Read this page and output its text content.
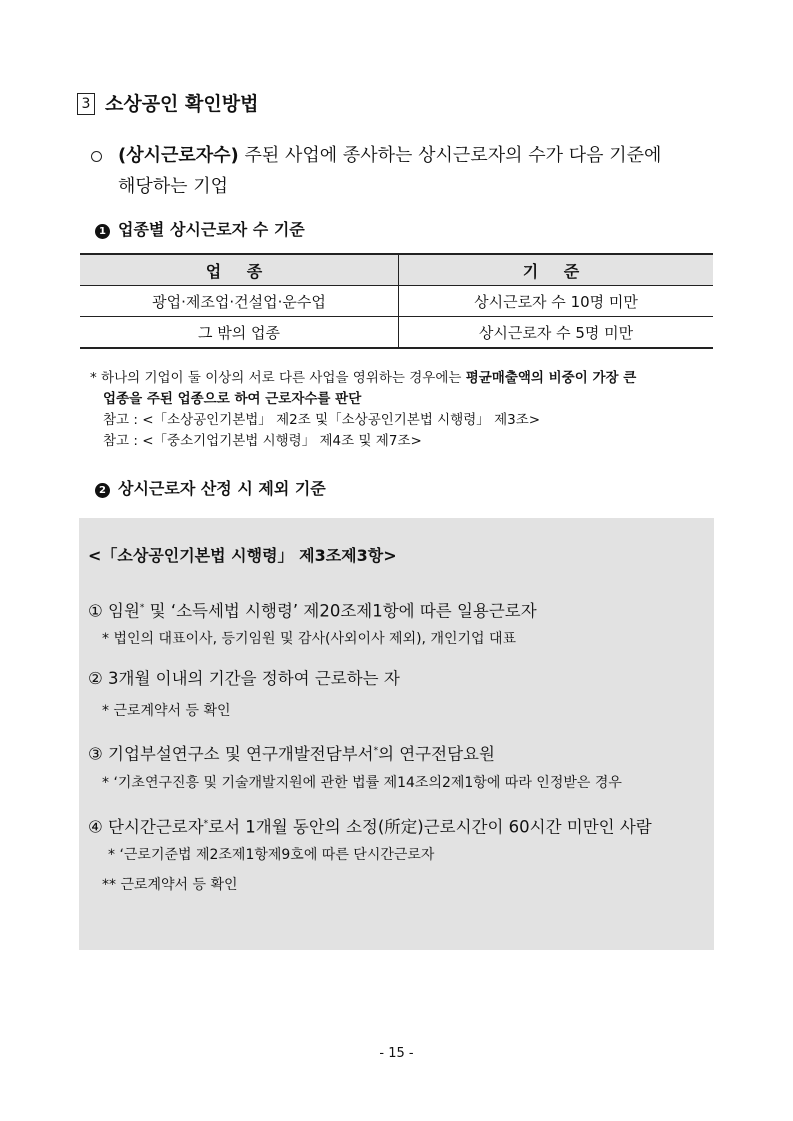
3 소상공인 확인방법
(상시근로자수) 주된 사업에 종사하는 상시근로자의 수가 다음 기준에
해당하는 기업
1 업종별 상시근로자 수 기준
업 종	기 준
광업·제조업·건설업·운수업	상시근로자 수 10명 미만
그 밖의 업종	상시근로자 수 5명 미만
* 하나의 기업이 둘 이상의 서로 다른 사업을 영위하는 경우에는 평균매출액의 비중이 가장 큰
업종을 주된 업종으로 하여 근로자수를 판단
참고 : <「소상공인기본법」 제2조 및「소상공인기본법 시행령」 제3조>
참고 : <「중소기업기본법 시행령」 제4조 및 제7조>
2 상시근로자 산정 시 제외 기준
<「소상공인기본법 시행령」 제3조제3항>
① 임원* 및 ‘소득세법 시행령’ 제20조제1항에 따른 일용근로자
* 법인의 대표이사, 등기임원 및 감사(사외이사 제외), 개인기업 대표
② 3개월 이내의 기간을 정하여 근로하는 자
* 근로계약서 등 확인
③ 기업부설연구소 및 연구개발전담부서*의 연구전담요원
* ‘기초연구진흥 및 기술개발지원에 관한 법률 제14조의2제1항에 따라 인정받은 경우
④ 단시간근로자*로서 1개월 동안의 소정(所定)근로시간이 60시간 미만인 사람
* ‘근로기준법 제2조제1항제9호에 따른 단시간근로자
** 근로계약서 등 확인
- 15 -
